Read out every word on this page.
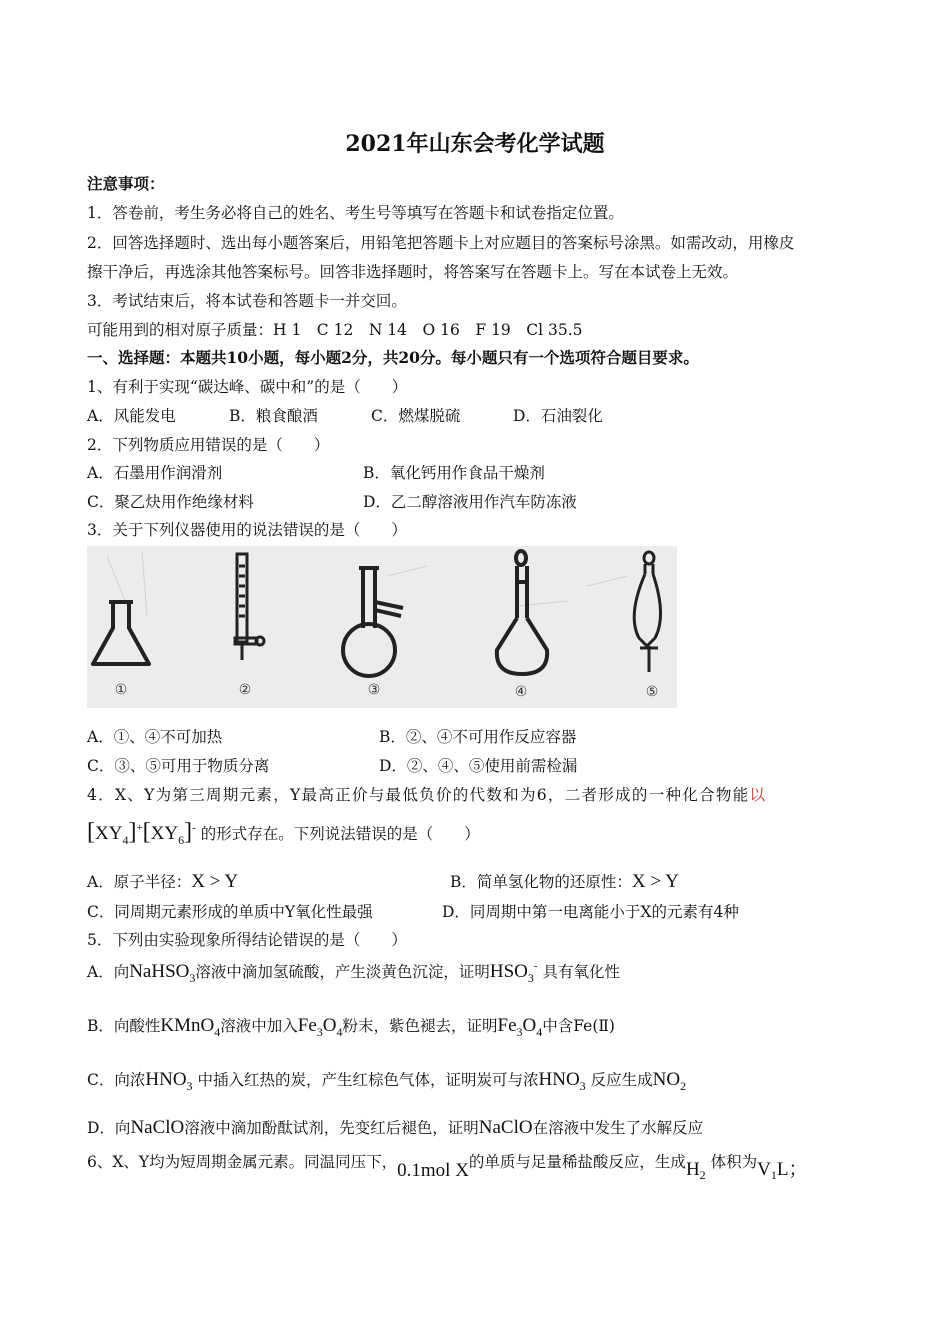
2021年山东会考化学试题
注意事项：
1．答卷前，考生务必将自己的姓名、考生号等填写在答题卡和试卷指定位置。
2．回答选择题时、选出每小题答案后，用铅笔把答题卡上对应题目的答案标号涂黑。如需改动，用橡皮
擦干净后，再选涂其他答案标号。回答非选择题时，将答案写在答题卡上。写在本试卷上无效。
3．考试结束后，将本试卷和答题卡一并交回。
可能用到的相对原子质量：H 1　C 12　N 14　O 16　F 19　Cl 35.5
一、选择题：本题共10小题，每小题2分，共20分。每小题只有一个选项符合题目要求。
1、有利于实现“碳达峰、碳中和”的是（　　）
A．风能发电	B．粮食酿酒	C．燃煤脱硫	D．石油裂化
2．下列物质应用错误的是（　　）
A．石墨用作润滑剂	B．氧化钙用作食品干燥剂
C．聚乙炔用作绝缘材料	D．乙二醇溶液用作汽车防冻液
3．关于下列仪器使用的说法错误的是（　　）
①	②	③	④	⑤
A．①、④不可加热	B．②、④不可用作反应容器
C．③、⑤可用于物质分离	D．②、④、⑤使用前需检漏
4．X、Y为第三周期元素，Y最高正价与最低负价的代数和为6，二者形成的一种化合物能以
$[XY_4]^+[XY_6]^-$ 的形式存在。下列说法错误的是（　　）
A．原子半径：X > Y	B．简单氢化物的还原性：X > Y
C．同周期元素形成的单质中Y氧化性最强	D．同周期中第一电离能小于X的元素有4种
5．下列由实验现象所得结论错误的是（　　）
A．向NaHSO$_3$溶液中滴加氢硫酸，产生淡黄色沉淀，证明$HSO_3^-$ 具有氧化性
B．向酸性KMnO$_4$溶液中加入$Fe_3O_4$粉末，紫色褪去，证明$Fe_3O_4$中含Fe(Ⅱ)
C．向浓$HNO_3$ 中插入红热的炭，产生红棕色气体，证明炭可与浓$HNO_3$ 反应生成$NO_2$
D．向NaClO溶液中滴加酚酞试剂，先变红后褪色，证明NaClO在溶液中发生了水解反应
6、X、Y均为短周期金属元素。同温同压下，0.1mol X的单质与足量稀盐酸反应，生成$H_2$ 体积为$V_1L$；
